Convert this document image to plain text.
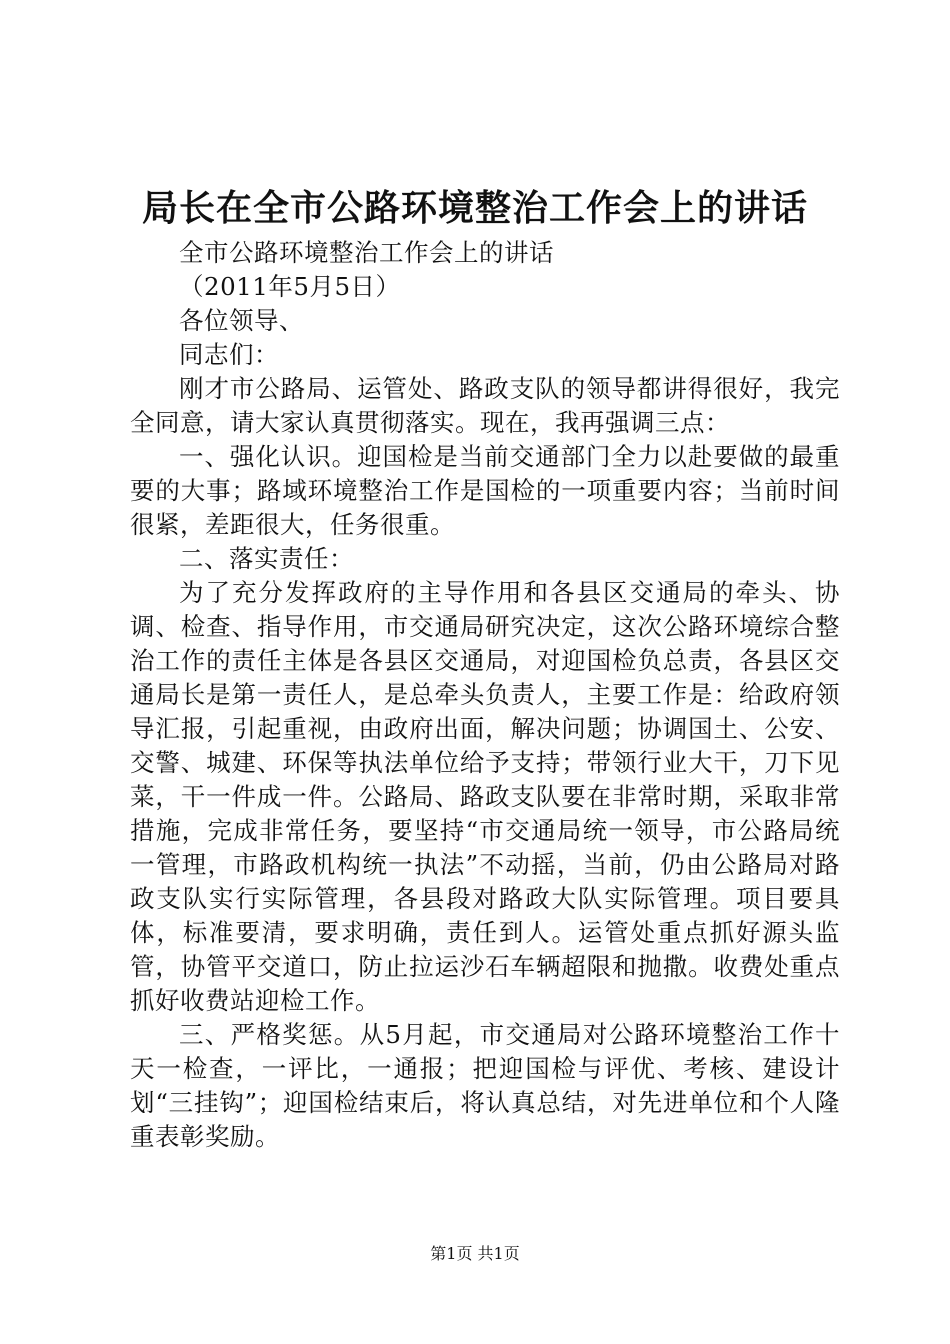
局长在全市公路环境整治工作会上的讲话

全市公路环境整治工作会上的讲话

（2011年5月5日）

各位领导、

同志们：

刚才市公路局、运管处、路政支队的领导都讲得很好，我完全同意，请大家认真贯彻落实。现在，我再强调三点：

一、强化认识。迎国检是当前交通部门全力以赴要做的最重要的大事；路域环境整治工作是国检的一项重要内容；当前时间很紧，差距很大，任务很重。

二、落实责任：

为了充分发挥政府的主导作用和各县区交通局的牵头、协调、检查、指导作用，市交通局研究决定，这次公路环境综合整治工作的责任主体是各县区交通局，对迎国检负总责，各县区交通局长是第一责任人，是总牵头负责人，主要工作是：给政府领导汇报，引起重视，由政府出面，解决问题；协调国土、公安、交警、城建、环保等执法单位给予支持；带领行业大干，刀下见菜，干一件成一件。公路局、路政支队要在非常时期，采取非常措施，完成非常任务，要坚持“市交通局统一领导，市公路局统一管理，市路政机构统一执法”不动摇，当前，仍由公路局对路政支队实行实际管理，各县段对路政大队实际管理。项目要具体，标准要清，要求明确，责任到人。运管处重点抓好源头监管，协管平交道口，防止拉运沙石车辆超限和抛撒。收费处重点抓好收费站迎检工作。

三、严格奖惩。从5月起，市交通局对公路环境整治工作十天一检查，一评比，一通报；把迎国检与评优、考核、建设计划“三挂钩”；迎国检结束后，将认真总结，对先进单位和个人隆重表彰奖励。

第1页 共1页
